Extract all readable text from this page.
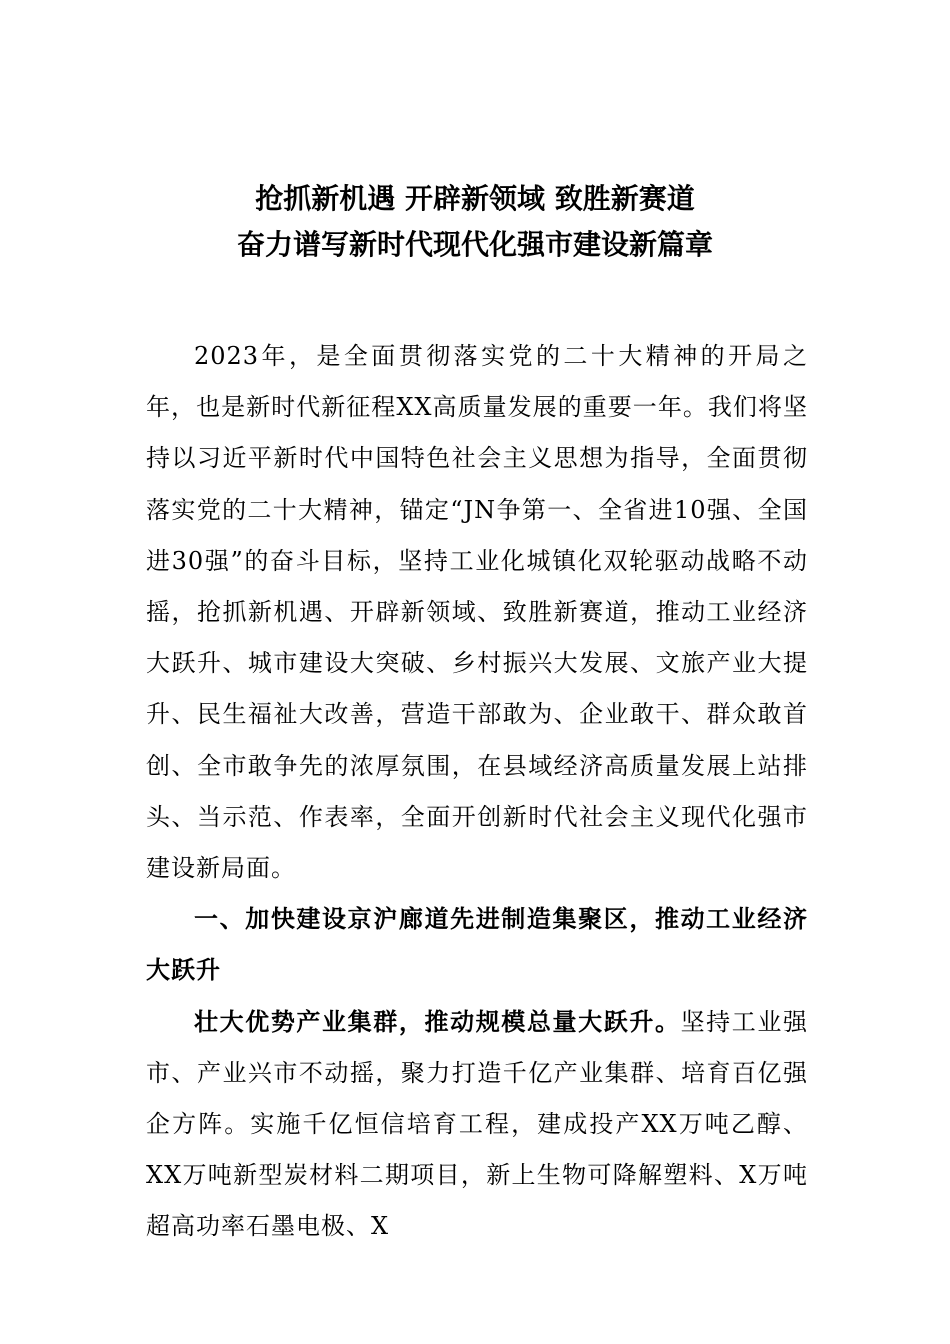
抢抓新机遇 开辟新领域 致胜新赛道
奋力谱写新时代现代化强市建设新篇章

2023年，是全面贯彻落实党的二十大精神的开局之年，也是新时代新征程XX高质量发展的重要一年。我们将坚持以习近平新时代中国特色社会主义思想为指导，全面贯彻落实党的二十大精神，锚定“JN争第一、全省进10强、全国进30强”的奋斗目标，坚持工业化城镇化双轮驱动战略不动摇，抢抓新机遇、开辟新领域、致胜新赛道，推动工业经济大跃升、城市建设大突破、乡村振兴大发展、文旅产业大提升、民生福祉大改善，营造干部敢为、企业敢干、群众敢首创、全市敢争先的浓厚氛围，在县域经济高质量发展上站排头、当示范、作表率，全面开创新时代社会主义现代化强市建设新局面。

一、加快建设京沪廊道先进制造集聚区，推动工业经济大跃升

壮大优势产业集群，推动规模总量大跃升。坚持工业强市、产业兴市不动摇，聚力打造千亿产业集群、培育百亿强企方阵。实施千亿恒信培育工程，建成投产XX万吨乙醇、XX万吨新型炭材料二期项目，新上生物可降解塑料、X万吨超高功率石墨电极、X
